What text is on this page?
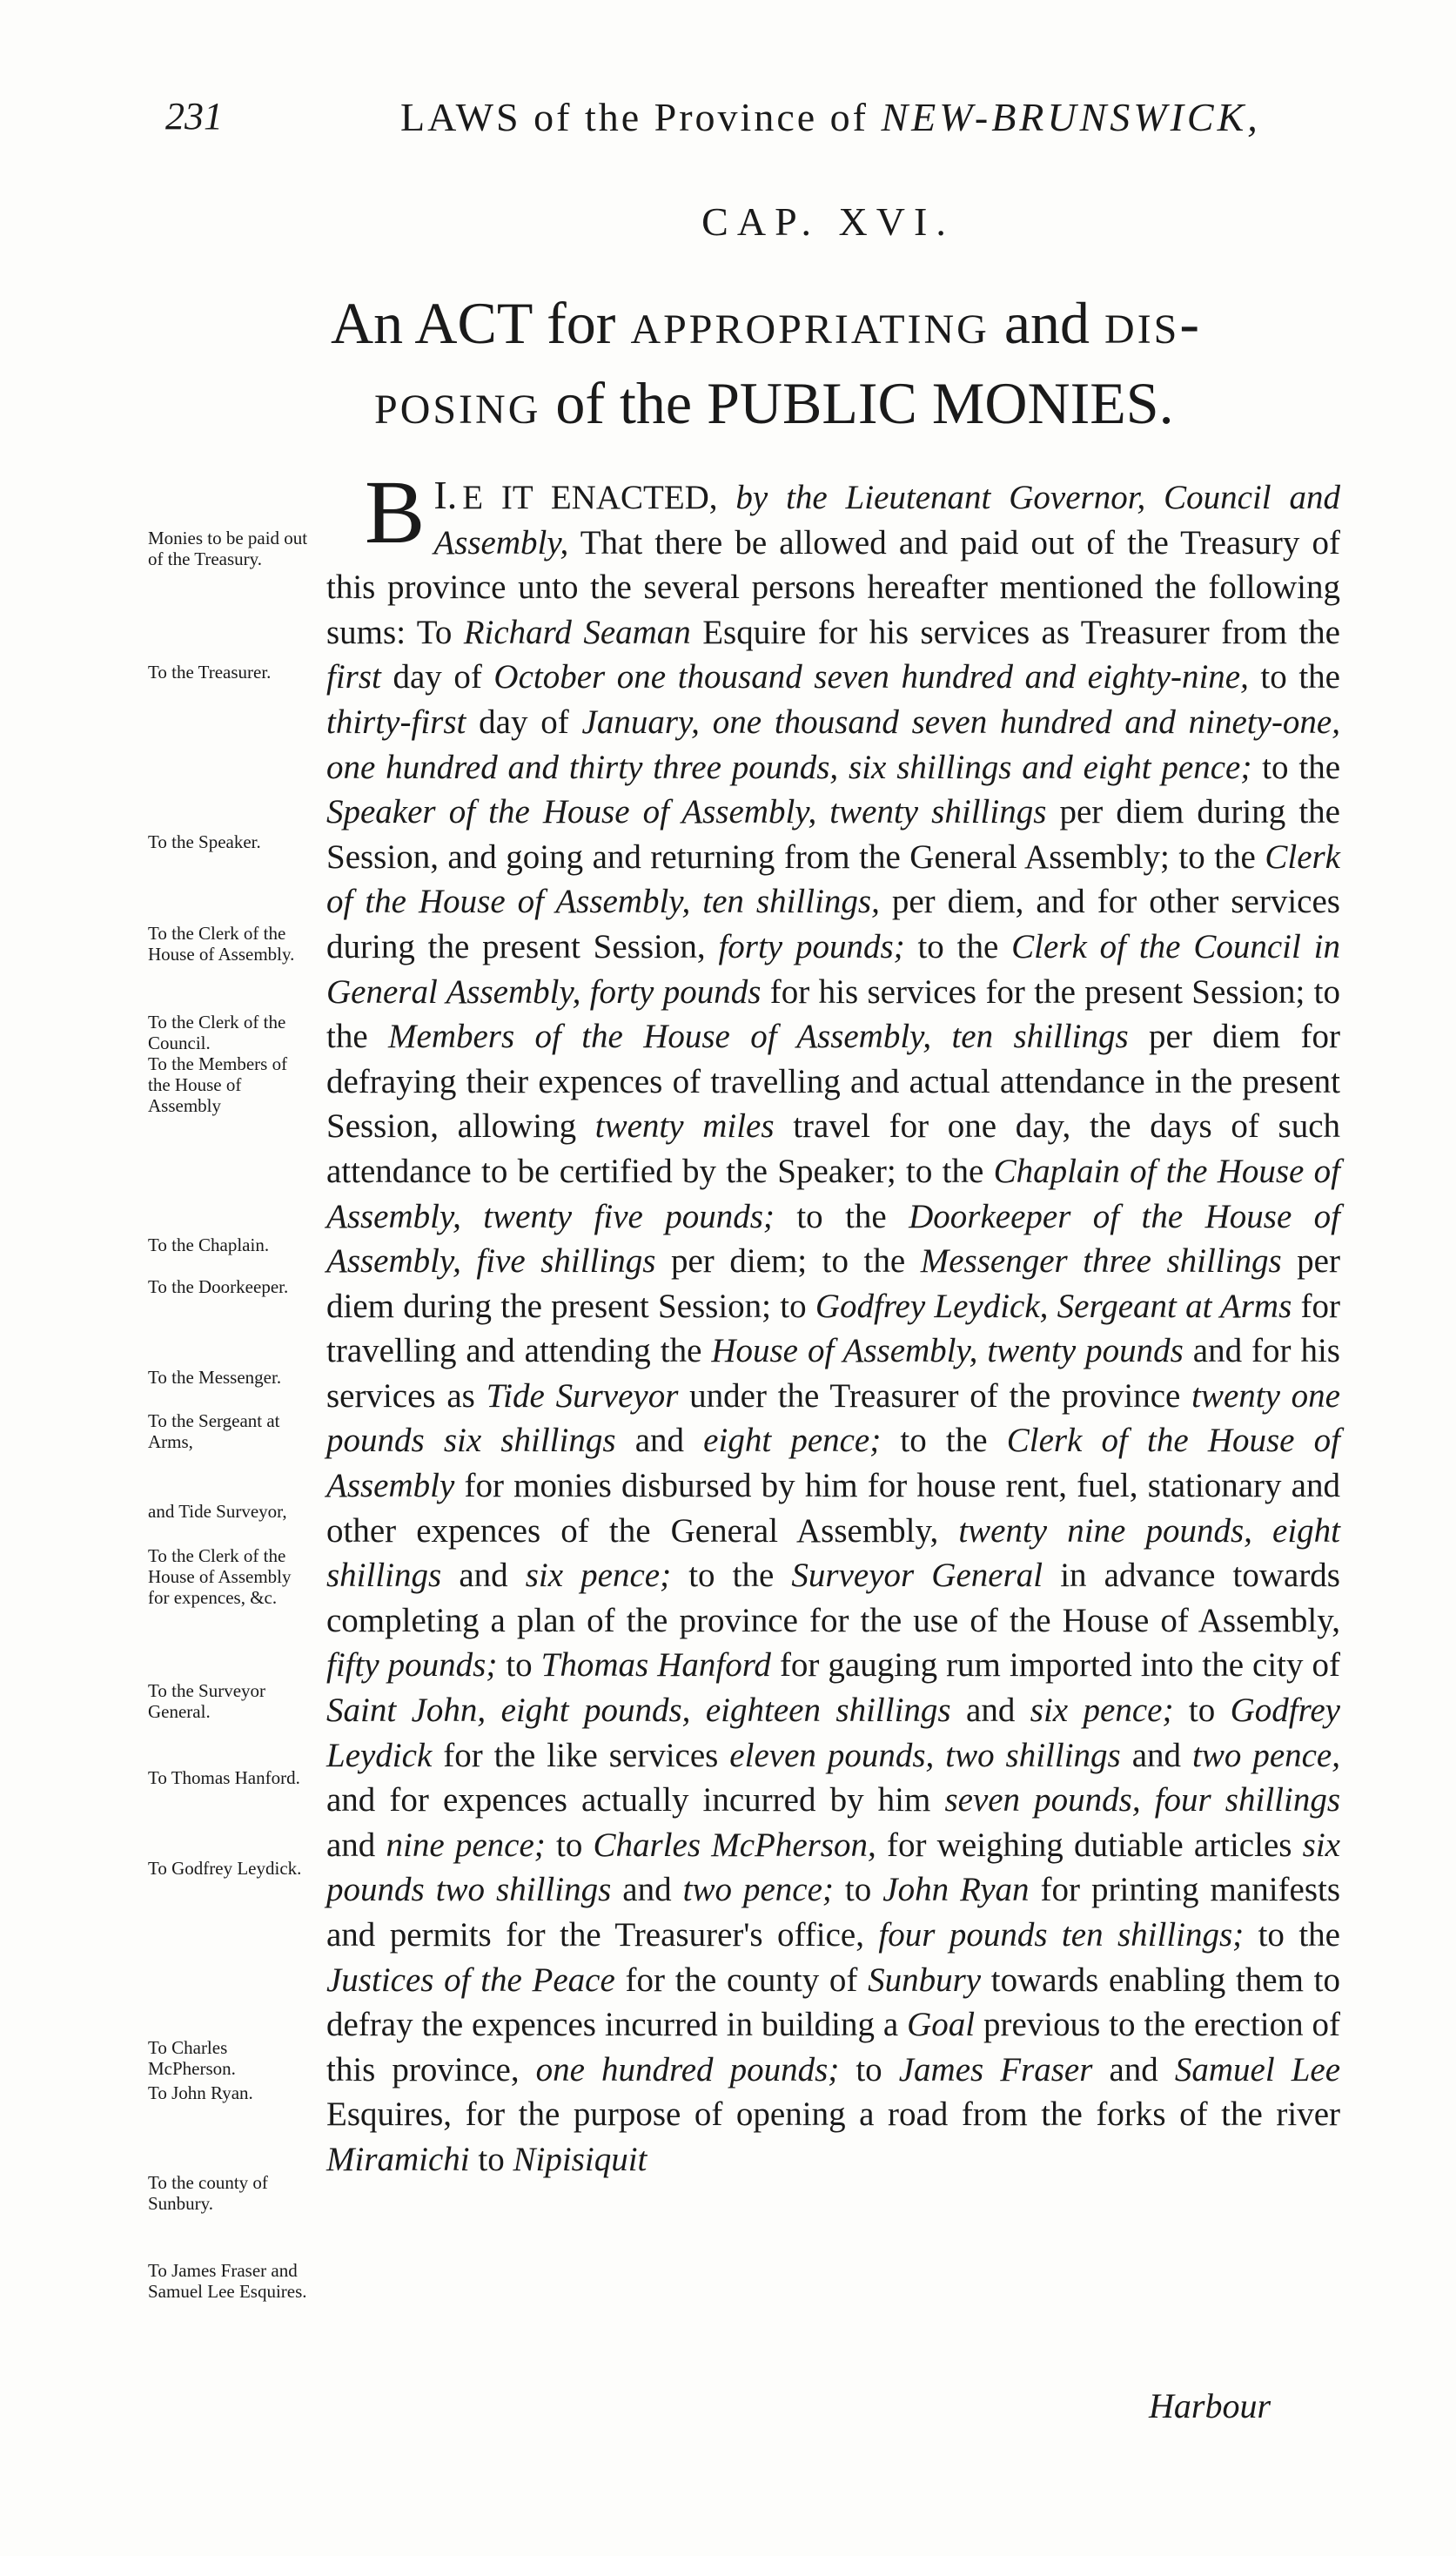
231	LAWS of the Province of NEW-BRUNSWICK,
CAP. XVI.
An ACT for appropriating and dis-
posing of the PUBLIC MONIES.
Monies to be paid out of the Treasury.
To the Treasurer.
To the Speaker.
To the Clerk of the House of Assembly.
To the Clerk of the Council.
To the Members of the House of Assembly
To the Chaplain.
To the Doorkeeper.
To the Messenger.
To the Sergeant at Arms,
and Tide Surveyor,
To the Clerk of the House of Assembly for expences, &c.
To the Surveyor General.
To Thomas Hanford.
To Godfrey Leydick.
To Charles McPherson.
To John Ryan.
To the county of Sunbury.
To James Fraser and Samuel Lee Esquires.
I.
B E IT ENACTED, by the Lieutenant Governor, Council and Assembly, That there be allowed and paid out of the Treasury of this province unto the several persons hereafter mentioned the following sums: To Richard Seaman Esquire for his services as Treasurer from the first day of October one thousand seven hundred and eighty-nine, to the thirty-first day of January, one thousand seven hundred and ninety-one, one hundred and thirty three pounds, six shillings and eight pence; to the Speaker of the House of Assembly, twenty shillings per diem during the Session, and going and returning from the General Assembly; to the Clerk of the House of Assembly, ten shillings, per diem, and for other services during the present Session, forty pounds; to the Clerk of the Council in General Assembly, forty pounds for his services for the present Session; to the Members of the House of Assembly, ten shillings per diem for defraying their expences of travelling and actual attendance in the present Session, allowing twenty miles travel for one day, the days of such attendance to be certified by the Speaker; to the Chaplain of the House of Assembly, twenty five pounds; to the Doorkeeper of the House of Assembly, five shillings per diem; to the Messenger three shillings per diem during the present Session; to Godfrey Leydick, Sergeant at Arms for travelling and attending the House of Assembly, twenty pounds and for his services as Tide Surveyor under the Treasurer of the province twenty one pounds six shillings and eight pence; to the Clerk of the House of Assembly for monies disbursed by him for house rent, fuel, stationary and other expences of the General Assembly, twenty nine pounds, eight shillings and six pence; to the Surveyor General in advance towards completing a plan of the province for the use of the House of Assembly, fifty pounds; to Thomas Hanford for gauging rum imported into the city of Saint John, eight pounds, eighteen shillings and six pence; to Godfrey Leydick for the like services eleven pounds, two shillings and two pence, and for expences actually incurred by him seven pounds, four shillings and nine pence; to Charles McPherson, for weighing dutiable articles six pounds two shillings and two pence; to John Ryan for printing manifests and permits for the Treasurer's office, four pounds ten shillings; to the Justices of the Peace for the county of Sunbury towards enabling them to defray the expences incurred in building a Goal previous to the erection of this province, one hundred pounds; to James Fraser and Samuel Lee Esquires, for the purpose of opening a road from the forks of the river Miramichi to Nipisiquit
Harbour
